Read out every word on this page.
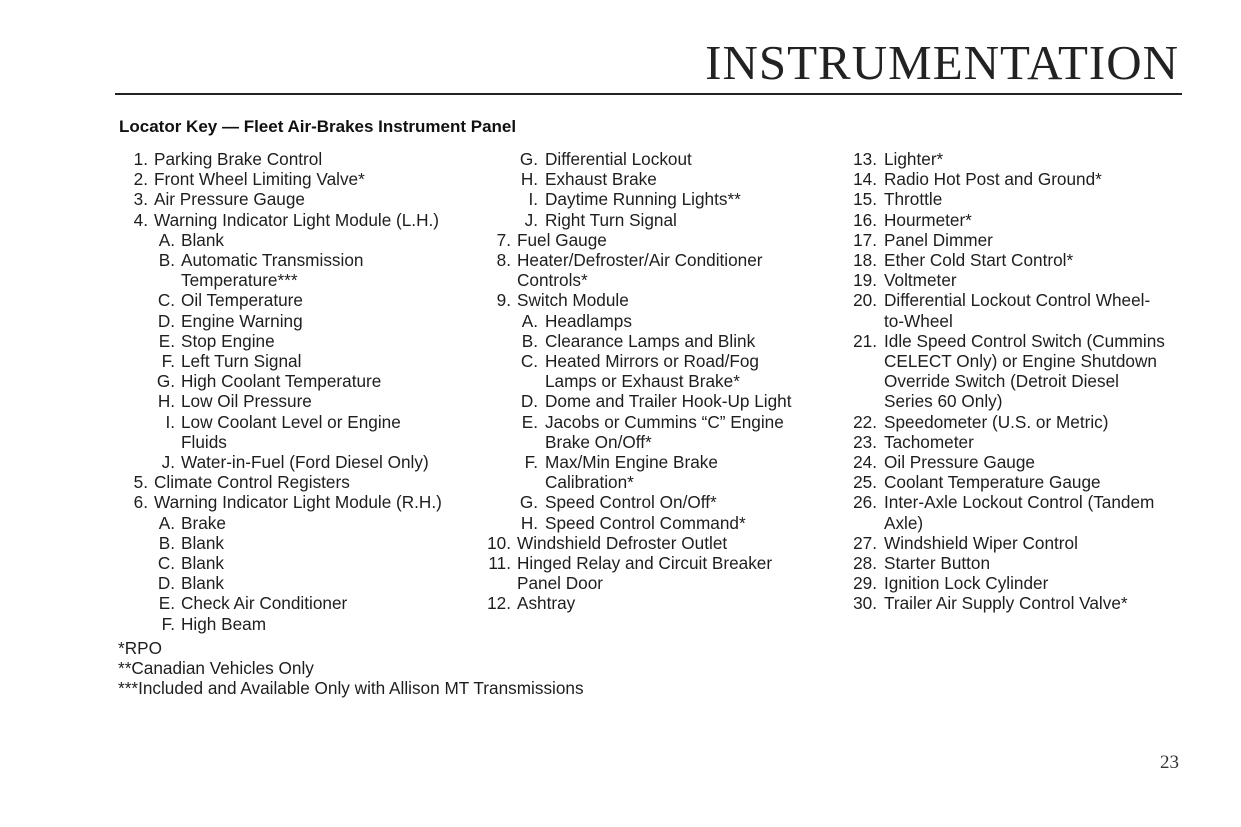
INSTRUMENTATION
Locator Key — Fleet Air-Brakes Instrument Panel
1. Parking Brake Control
2. Front Wheel Limiting Valve*
3. Air Pressure Gauge
4. Warning Indicator Light Module (L.H.)
A. Blank
B. Automatic Transmission
Temperature***
C. Oil Temperature
D. Engine Warning
E. Stop Engine
F. Left Turn Signal
G. High Coolant Temperature
H. Low Oil Pressure
I. Low Coolant Level or Engine
Fluids
J. Water-in-Fuel (Ford Diesel Only)
5. Climate Control Registers
6. Warning Indicator Light Module (R.H.)
A. Brake
B. Blank
C. Blank
D. Blank
E. Check Air Conditioner
F. High Beam
G. Differential Lockout
H. Exhaust Brake
I. Daytime Running Lights**
J. Right Turn Signal
7. Fuel Gauge
8. Heater/Defroster/Air Conditioner
Controls*
9. Switch Module
A. Headlamps
B. Clearance Lamps and Blink
C. Heated Mirrors or Road/Fog
Lamps or Exhaust Brake*
D. Dome and Trailer Hook-Up Light
E. Jacobs or Cummins “C” Engine
Brake On/Off*
F. Max/Min Engine Brake
Calibration*
G. Speed Control On/Off*
H. Speed Control Command*
10. Windshield Defroster Outlet
11. Hinged Relay and Circuit Breaker
Panel Door
12. Ashtray
13. Lighter*
14. Radio Hot Post and Ground*
15. Throttle
16. Hourmeter*
17. Panel Dimmer
18. Ether Cold Start Control*
19. Voltmeter
20. Differential Lockout Control Wheel-
to-Wheel
21. Idle Speed Control Switch (Cummins
CELECT Only) or Engine Shutdown
Override Switch (Detroit Diesel
Series 60 Only)
22. Speedometer (U.S. or Metric)
23. Tachometer
24. Oil Pressure Gauge
25. Coolant Temperature Gauge
26. Inter-Axle Lockout Control (Tandem
Axle)
27. Windshield Wiper Control
28. Starter Button
29. Ignition Lock Cylinder
30. Trailer Air Supply Control Valve*
*RPO
**Canadian Vehicles Only
***Included and Available Only with Allison MT Transmissions
23
